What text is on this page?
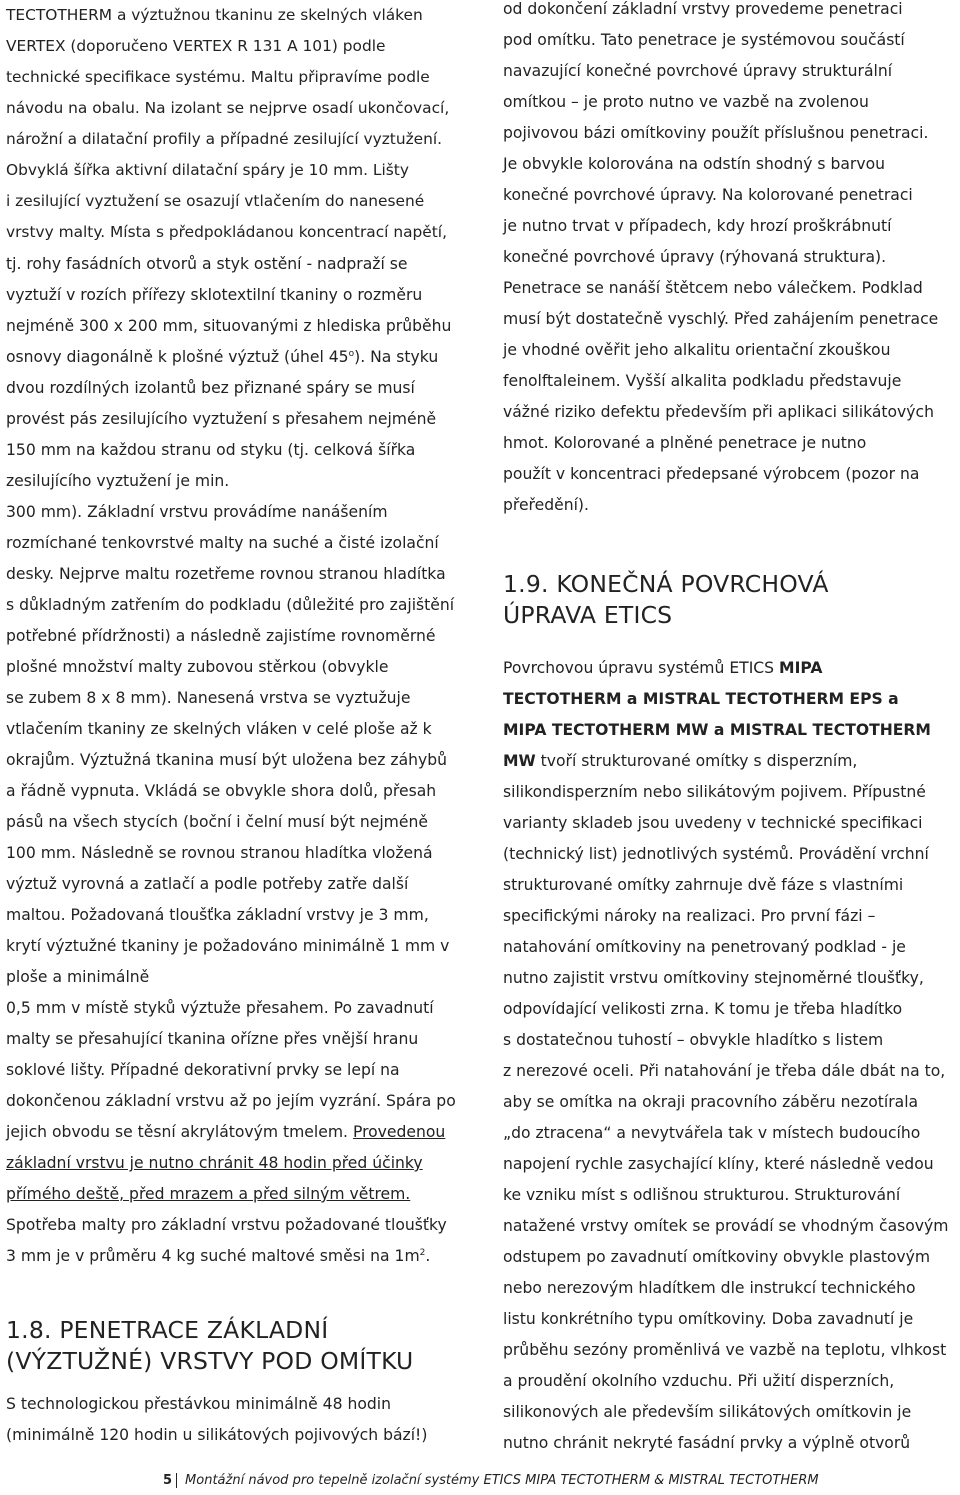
TECTOTHERM a výztužnou tkaninu ze skelných vláken
VERTEX (doporučeno VERTEX R 131 A 101) podle
technické specifikace systému. Maltu připravíme podle
návodu na obalu. Na izolant se nejprve osadí ukončovací,
nárožní a dilatační profily a případné zesilující vyztužení.
Obvyklá šířka aktivní dilatační spáry je 10 mm. Lišty
i zesilující vyztužení se osazují vtlačením do nanesené
vrstvy malty. Místa s předpokládanou koncentrací napětí,
tj. rohy fasádních otvorů a styk ostění - nadpraží se
vyztuží v rozích přířezy sklotextilní tkaniny o rozměru
nejméně 300 x 200 mm, situovanými z hlediska průběhu
osnovy diagonálně k plošné výztuž (úhel 45$^o$). Na styku
dvou rozdílných izolantů bez přiznané spáry se musí
provést pás zesilujícího vyztužení s přesahem nejméně
150 mm na každou stranu od styku (tj. celková šířka
zesilujícího vyztužení je min.
300 mm). Základní vrstvu provádíme nanášením
rozmíchané tenkovrstvé malty na suché a čisté izolační
desky. Nejprve maltu rozetřeme rovnou stranou hladítka
s důkladným zatřením do podkladu (důležité pro zajištění
potřebné přídržnosti) a následně zajistíme rovnoměrné
plošné množství malty zubovou stěrkou (obvykle
se zubem 8 x 8 mm). Nanesená vrstva se vyztužuje
vtlačením tkaniny ze skelných vláken v celé ploše až k
okrajům. Výztužná tkanina musí být uložena bez záhybů
a řádně vypnuta. Vkládá se obvykle shora dolů, přesah
pásů na všech stycích (boční i čelní musí být nejméně
100 mm. Následně se rovnou stranou hladítka vložená
výztuž vyrovná a zatlačí a podle potřeby zatře další
maltou. Požadovaná tloušťka základní vrstvy je 3 mm,
krytí výztužné tkaniny je požadováno minimálně 1 mm v
ploše a minimálně
0,5 mm v místě styků výztuže přesahem. Po zavadnutí
malty se přesahující tkanina ořízne přes vnější hranu
soklové lišty. Případné dekorativní prvky se lepí na
dokončenou základní vrstvu až po jejím vyzrání. Spára po
jejich obvodu se těsní akrylátovým tmelem. Provedenou
základní vrstvu je nutno chránit 48 hodin před účinky
přímého deště, před mrazem a před silným větrem.
Spotřeba malty pro základní vrstvu požadované tloušťky
3 mm je v průměru 4 kg suché maltové směsi na $1m^2$.
1.8. PENETRACE ZÁKLADNÍ
(VÝZTUŽNÉ) VRSTVY POD OMÍTKU
S technologickou přestávkou minimálně 48 hodin
(minimálně 120 hodin u silikátových pojivových bází!)
od dokončení základní vrstvy provedeme penetraci
pod omítku. Tato penetrace je systémovou součástí
navazující konečné povrchové úpravy strukturální
omítkou – je proto nutno ve vazbě na zvolenou
pojivovou bázi omítkoviny použít příslušnou penetraci.
Je obvykle kolorována na odstín shodný s barvou
konečné povrchové úpravy. Na kolorované penetraci
je nutno trvat v případech, kdy hrozí proškrábnutí
konečné povrchové úpravy (rýhovaná struktura).
Penetrace se nanáší štětcem nebo válečkem. Podklad
musí být dostatečně vyschlý. Před zahájením penetrace
je vhodné ověřit jeho alkalitu orientační zkouškou
fenolftaleinem. Vyšší alkalita podkladu představuje
vážné riziko defektu především při aplikaci silikátových
hmot. Kolorované a plněné penetrace je nutno
použít v koncentraci předepsané výrobcem (pozor na
přeředění).
1.9. KONEČNÁ POVRCHOVÁ
ÚPRAVA ETICS
Povrchovou úpravu systémů ETICS MIPA
TECTOTHERM a MISTRAL TECTOTHERM EPS a
MIPA TECTOTHERM MW a MISTRAL TECTOTHERM
MW tvoří strukturované omítky s disperzním,
silikondisperzním nebo silikátovým pojivem. Přípustné
varianty skladeb jsou uvedeny v technické specifikaci
(technický list) jednotlivých systémů. Provádění vrchní
strukturované omítky zahrnuje dvě fáze s vlastními
specifickými nároky na realizaci. Pro první fázi –
natahování omítkoviny na penetrovaný podklad - je
nutno zajistit vrstvu omítkoviny stejnoměrné tloušťky,
odpovídající velikosti zrna. K tomu je třeba hladítko
s dostatečnou tuhostí – obvykle hladítko s listem
z nerezové oceli. Při natahování je třeba dále dbát na to,
aby se omítka na okraji pracovního záběru nezotírala
„do ztracena“ a nevytvářela tak v místech budoucího
napojení rychle zasychající klíny, které následně vedou
ke vzniku míst s odlišnou strukturou. Strukturování
natažené vrstvy omítek se provádí se vhodným časovým
odstupem po zavadnutí omítkoviny obvykle plastovým
nebo nerezovým hladítkem dle instrukcí technického
listu konkrétního typu omítkoviny. Doba zavadnutí je
průběhu sezóny proměnlivá ve vazbě na teplotu, vlhkost
a proudění okolního vzduchu. Při užití disperzních,
silikonových ale především silikátových omítkovin je
nutno chránit nekryté fasádní prvky a výplně otvorů
5 Montážní návod pro tepelně izolační systémy ETICS MIPA TECTOTHERM & MISTRAL TECTOTHERM
